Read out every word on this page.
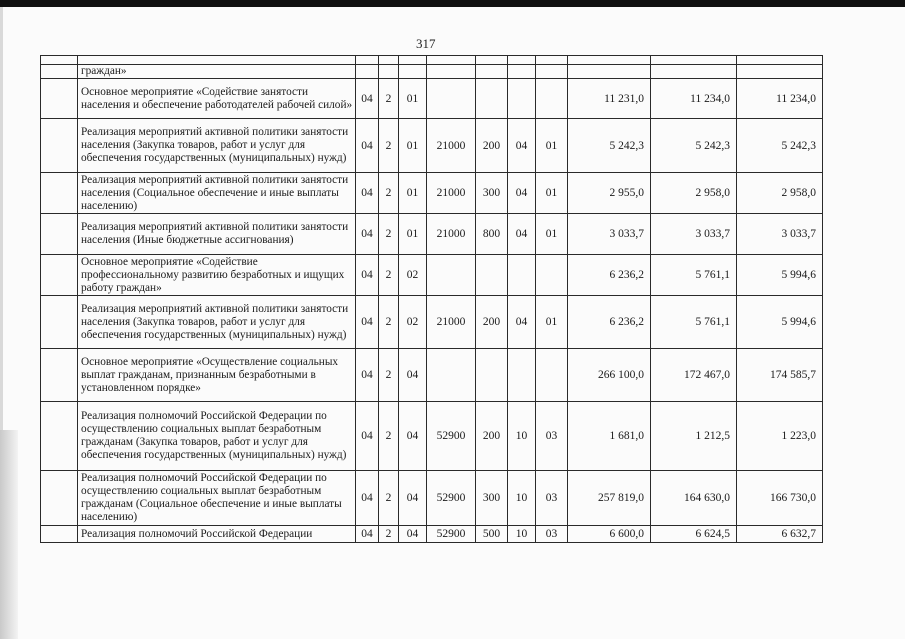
317
-

	граждан»										
	Основное мероприятие «Содействие занятости населения и обеспечение работодателей рабочей силой»	04	2	01					11 231,0	11 234,0	11 234,0
	Реализация мероприятий активной политики занятости населения (Закупка товаров, работ и услуг для обеспечения государственных (муниципальных) нужд)	04	2	01	21000	200	04	01	5 242,3	5 242,3	5 242,3
	Реализация мероприятий активной политики занятости населения (Социальное обеспечение и иные выплаты населению)	04	2	01	21000	300	04	01	2 955,0	2 958,0	2 958,0
	Реализация мероприятий активной политики занятости населения (Иные бюджетные ассигнования)	04	2	01	21000	800	04	01	3 033,7	3 033,7	3 033,7
	Основное мероприятие «Содействие профессиональному развитию безработных и ищущих работу граждан»	04	2	02					6 236,2	5 761,1	5 994,6
	Реализация мероприятий активной политики занятости населения (Закупка товаров, работ и услуг для обеспечения государственных (муниципальных) нужд)	04	2	02	21000	200	04	01	6 236,2	5 761,1	5 994,6
	Основное мероприятие «Осуществление социальных выплат гражданам, признанным безработными в установленном порядке»	04	2	04					266 100,0	172 467,0	174 585,7
	Реализация полномочий Российской Федерации по осуществлению социальных выплат безработным гражданам (Закупка товаров, работ и услуг для обеспечения государственных (муниципальных) нужд)	04	2	04	52900	200	10	03	1 681,0	1 212,5	1 223,0
	Реализация полномочий Российской Федерации по осуществлению социальных выплат безработным гражданам (Социальное обеспечение и иные выплаты населению)	04	2	04	52900	300	10	03	257 819,0	164 630,0	166 730,0
	Реализация полномочий Российской Федерации	04	2	04	52900	500	10	03	6 600,0	6 624,5	6 632,7
